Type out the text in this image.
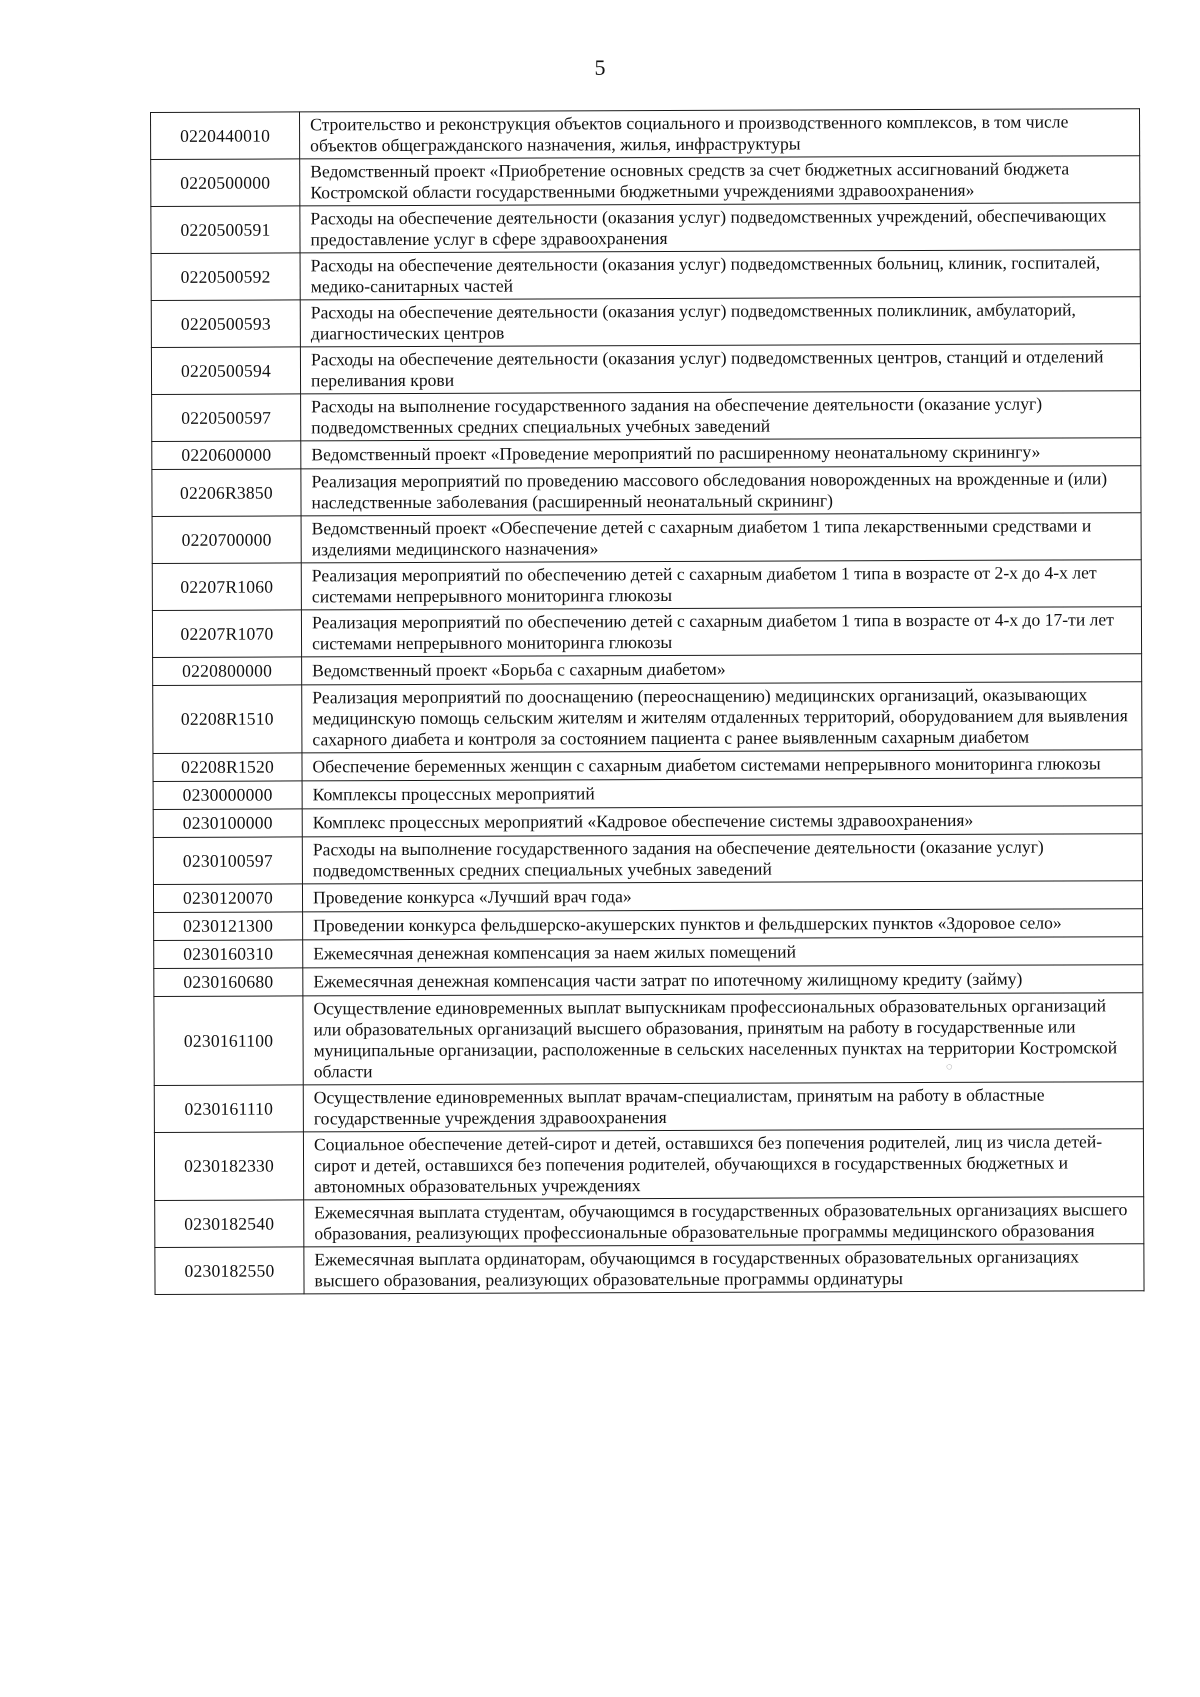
5
0220440010	Строительство и реконструкция объектов социального и производственного комплексов, в том числе объектов общегражданского назначения, жилья, инфраструктуры
0220500000	Ведомственный проект «Приобретение основных средств за счет бюджетных ассигнований бюджета Костромской области государственными бюджетными учреждениями здравоохранения»
0220500591	Расходы на обеспечение деятельности (оказания услуг) подведомственных учреждений, обеспечивающих предоставление услуг в сфере здравоохранения
0220500592	Расходы на обеспечение деятельности (оказания услуг) подведомственных больниц, клиник, госпиталей, медико-санитарных частей
0220500593	Расходы на обеспечение деятельности (оказания услуг) подведомственных поликлиник, амбулаторий, диагностических центров
0220500594	Расходы на обеспечение деятельности (оказания услуг) подведомственных центров, станций и отделений переливания крови
0220500597	Расходы на выполнение государственного задания на обеспечение деятельности (оказание услуг) подведомственных средних специальных учебных заведений
0220600000	Ведомственный проект «Проведение мероприятий по расширенному неонатальному скринингу»
02206R3850	Реализация мероприятий по проведению массового обследования новорожденных на врожденные и (или) наследственные заболевания (расширенный неонатальный скрининг)
0220700000	Ведомственный проект «Обеспечение детей с сахарным диабетом 1 типа лекарственными средствами и изделиями медицинского назначения»
02207R1060	Реализация мероприятий по обеспечению детей с сахарным диабетом 1 типа в возрасте от 2-х до 4-х лет системами непрерывного мониторинга глюкозы
02207R1070	Реализация мероприятий по обеспечению детей с сахарным диабетом 1 типа в возрасте от 4-х до 17-ти лет системами непрерывного мониторинга глюкозы
0220800000	Ведомственный проект «Борьба с сахарным диабетом»
02208R1510	Реализация мероприятий по дооснащению (переоснащению) медицинских организаций, оказывающих медицинскую помощь сельским жителям и жителям отдаленных территорий, оборудованием для выявления сахарного диабета и контроля за состоянием пациента с ранее выявленным сахарным диабетом
02208R1520	Обеспечение беременных женщин с сахарным диабетом системами непрерывного мониторинга глюкозы
0230000000	Комплексы процессных мероприятий
0230100000	Комплекс процессных мероприятий «Кадровое обеспечение системы здравоохранения»
0230100597	Расходы на выполнение государственного задания на обеспечение деятельности (оказание услуг) подведомственных средних специальных учебных заведений
0230120070	Проведение конкурса «Лучший врач года»
0230121300	Проведении конкурса фельдшерско-акушерских пунктов и фельдшерских пунктов «Здоровое село»
0230160310	Ежемесячная денежная компенсация за наем жилых помещений
0230160680	Ежемесячная денежная компенсация части затрат по ипотечному жилищному кредиту (займу)
0230161100	Осуществление единовременных выплат выпускникам профессиональных образовательных организаций или образовательных организаций высшего образования, принятым на работу в государственные или муниципальные организации, расположенные в сельских населенных пунктах на территории Костромской области
0230161110	Осуществление единовременных выплат врачам-специалистам, принятым на работу в областные государственные учреждения здравоохранения
0230182330	Социальное обеспечение детей-сирот и детей, оставшихся без попечения родителей, лиц из числа детей-сирот и детей, оставшихся без попечения родителей, обучающихся в государственных бюджетных и автономных образовательных учреждениях
0230182540	Ежемесячная выплата студентам, обучающимся в государственных образовательных организациях высшего образования, реализующих профессиональные образовательные программы медицинского образования
0230182550	Ежемесячная выплата ординаторам, обучающимся в государственных образовательных организациях высшего образования, реализующих образовательные программы ординатуры
◌
